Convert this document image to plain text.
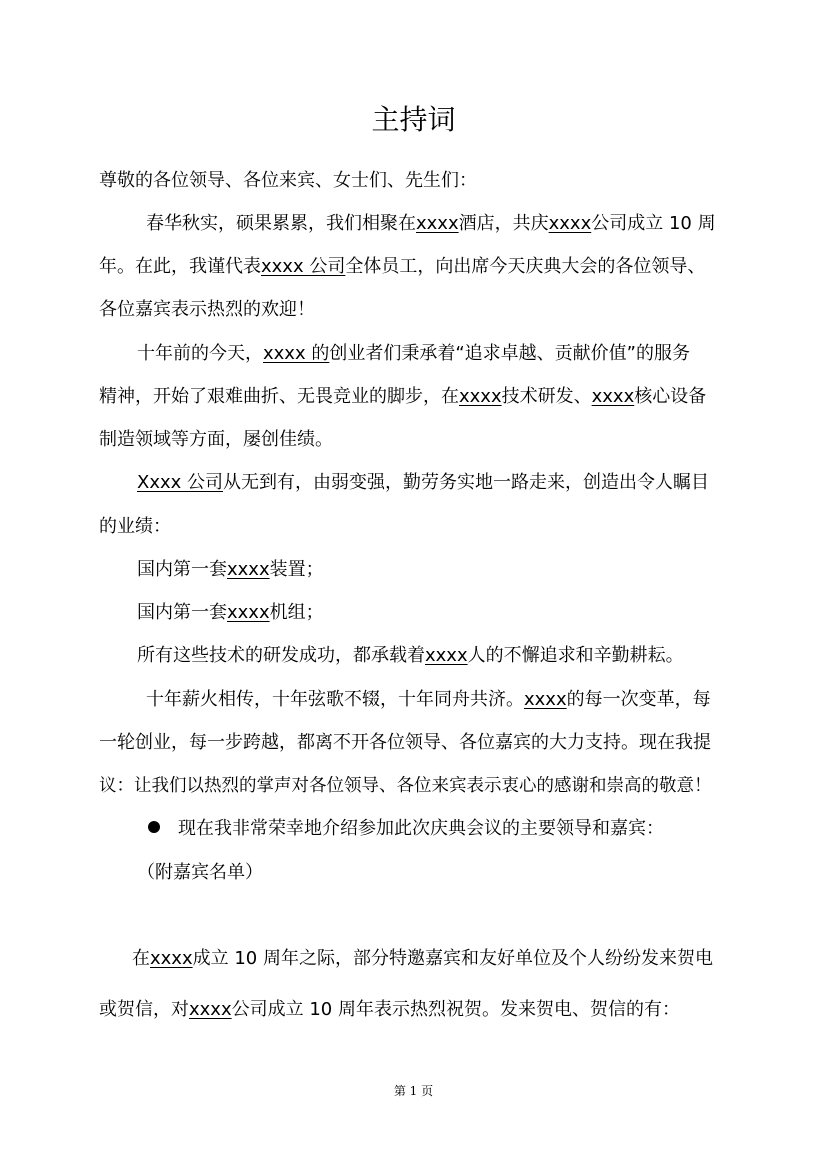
主持词
尊敬的各位领导、各位来宾、女士们、先生们：
春华秋实，硕果累累，我们相聚在xxxx酒店，共庆xxxx公司成立 10 周
年。在此，我谨代表xxxx 公司全体员工，向出席今天庆典大会的各位领导、
各位嘉宾表示热烈的欢迎！
十年前的今天，xxxx 的创业者们秉承着“追求卓越、贡献价值”的服务
精神，开始了艰难曲折、无畏竞业的脚步，在xxxx技术研发、xxxx核心设备
制造领域等方面，屡创佳绩。
Xxxx 公司从无到有，由弱变强，勤劳务实地一路走来，创造出令人瞩目
的业绩：
国内第一套xxxx装置；
国内第一套xxxx机组；
所有这些技术的研发成功，都承载着xxxx人的不懈追求和辛勤耕耘。
十年薪火相传，十年弦歌不辍，十年同舟共济。xxxx的每一次变革，每
一轮创业，每一步跨越，都离不开各位领导、各位嘉宾的大力支持。现在我提
议：让我们以热烈的掌声对各位领导、各位来宾表示衷心的感谢和崇高的敬意！
现在我非常荣幸地介绍参加此次庆典会议的主要领导和嘉宾：
（附嘉宾名单）
在xxxx成立 10 周年之际，部分特邀嘉宾和友好单位及个人纷纷发来贺电
或贺信，对xxxx公司成立 10 周年表示热烈祝贺。发来贺电、贺信的有：
第 1 页
